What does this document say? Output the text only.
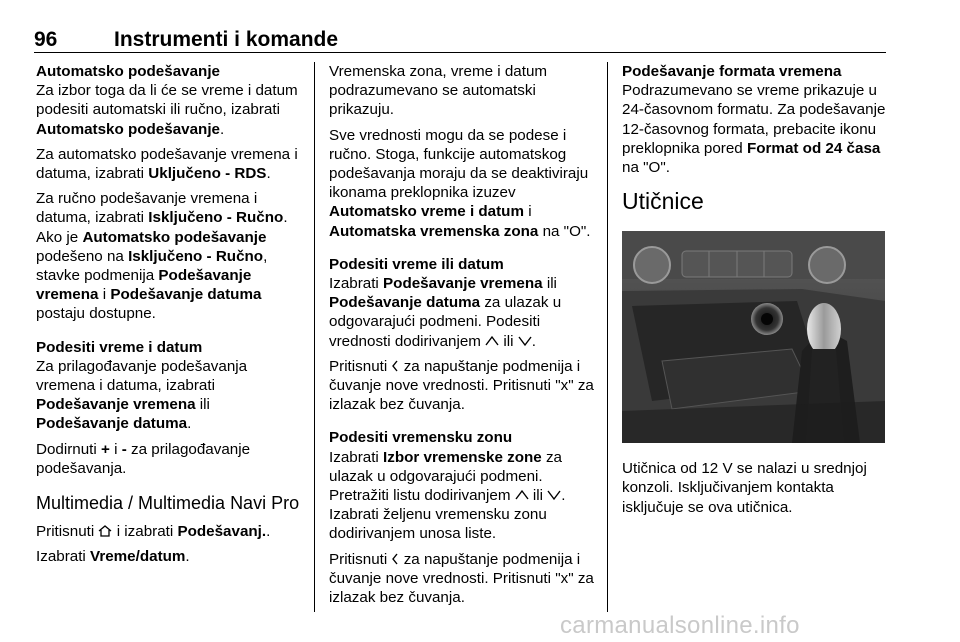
96	Instrumenti i komande
Automatsko podešavanje

Za izbor toga da li će se vreme i datum podesiti automatski ili ručno, izabrati Automatsko podešavanje.

Za automatsko podešavanje vremena i datuma, izabrati Uključeno - RDS.

Za ručno podešavanje vremena i datuma, izabrati Isključeno - Ručno. Ako je Automatsko podešavanje podešeno na Isključeno - Ručno, stavke podmenija Podešavanje vremena i Podešavanje datuma postaju dostupne.

Podesiti vreme i datum

Za prilagođavanje podešavanja vremena i datuma, izabrati Podešavanje vremena ili Podešavanje datuma.

Dodirnuti + i - za prilagođavanje podešavanja.

Multimedia / Multimedia Navi Pro

Pritisnuti  i izabrati Podešavanj..

Izabrati Vreme/datum.

Vremenska zona, vreme i datum podrazumevano se automatski prikazuju.

Sve vrednosti mogu da se podese i ručno. Stoga, funkcije automatskog podešavanja moraju da se deaktiviraju ikonama preklopnika izuzev Automatsko vreme i datum i Automatska vremenska zona na "O".

Podesiti vreme ili datum

Izabrati Podešavanje vremena ili Podešavanje datuma za ulazak u odgovarajući podmeni. Podesiti vrednosti dodirivanjem  ili .

Pritisnuti  za napuštanje podmenija i čuvanje nove vrednosti. Pritisnuti "x" za izlazak bez čuvanja.

Podesiti vremensku zonu

Izabrati Izbor vremenske zone za ulazak u odgovarajući podmeni. Pretražiti listu dodirivanjem  ili . Izabrati željenu vremensku zonu dodirivanjem unosa liste.

Pritisnuti  za napuštanje podmenija i čuvanje nove vrednosti. Pritisnuti "x" za izlazak bez čuvanja.

Podešavanje formata vremena

Podrazumevano se vreme prikazuje u 24-časovnom formatu. Za podešavanje 12-časovnog formata, prebacite ikonu preklopnika pored Format od 24 časa na "O".

Utičnice

Utičnica od 12 V se nalazi u srednjoj konzoli. Isključivanjem kontakta isključuje se ova utičnica.

carmanualsonline.info
